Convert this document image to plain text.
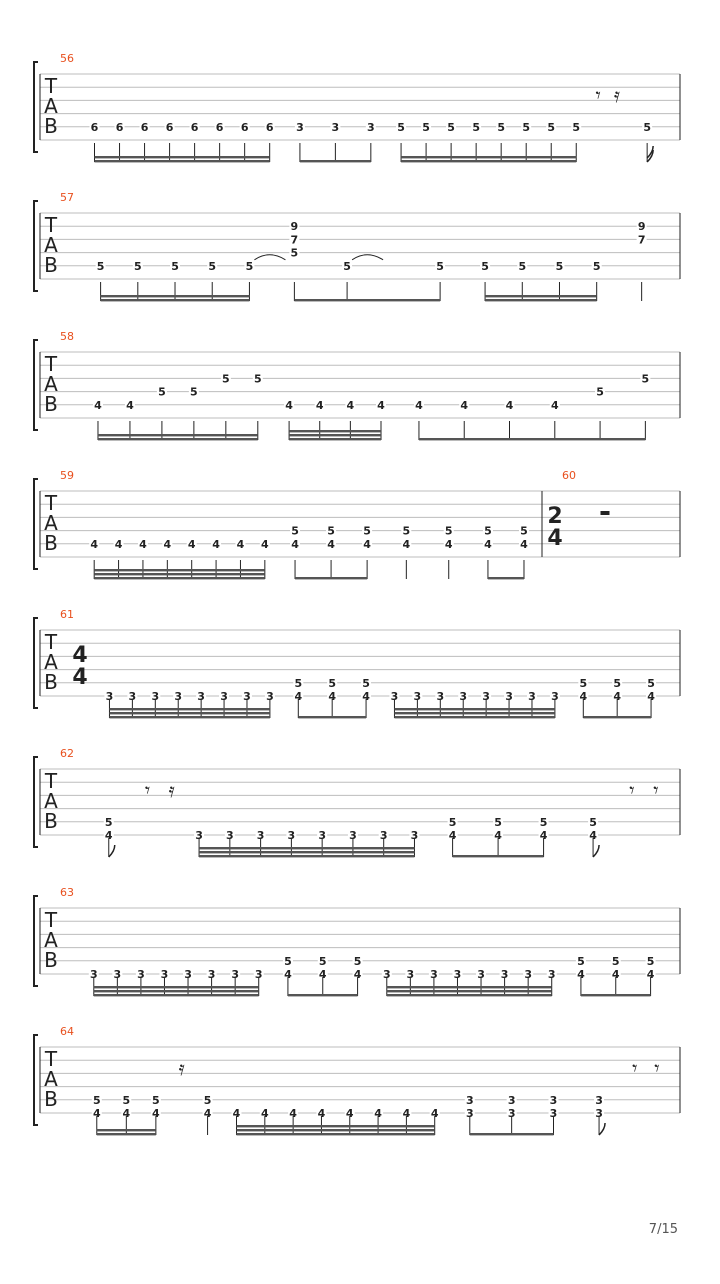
T
A
B
56
6 6 6 6 6 6 6 6 3	3	3 5 5 5 5 5 5 5 5
𝄾 𝄿
5
T
A
B
57
5	5	5	5	5
9
7
5
5	5	5	5	5	5
9
7
T
A
B
58
4 4
5 5
5 5
4 4 4 4	4	4	4	4
5
5
T
A
B
59
4 4 4 4 4 4 4 4
5
4
5
4
5
4
5
4
5
4
5
4
5
4
60
2
4
T
A
B
61
4
4
3 3 3 3 3 3 3 3
5
4
5
4
5
4 3 3 3 3 3 3 3 3
5
4
5
4
5
4
T
A
B
62
5
4
𝄾 𝄿
3 3 3 3 3 3 3 3
5
4
5
4
5
4
5
4
𝄾 𝄾
T
A
B
63
3 3 3 3 3 3 3 3
5
4
5
4
5
4 3 3 3 3 3 3 3 3
5
4
5
4
5
4
T
A
B
64
5
4
5
4
5
4
𝄿
5
4 4 4 4 4 4 4 4 4
3
3
3
3
3
3
3
3
𝄾 𝄾
7/15
